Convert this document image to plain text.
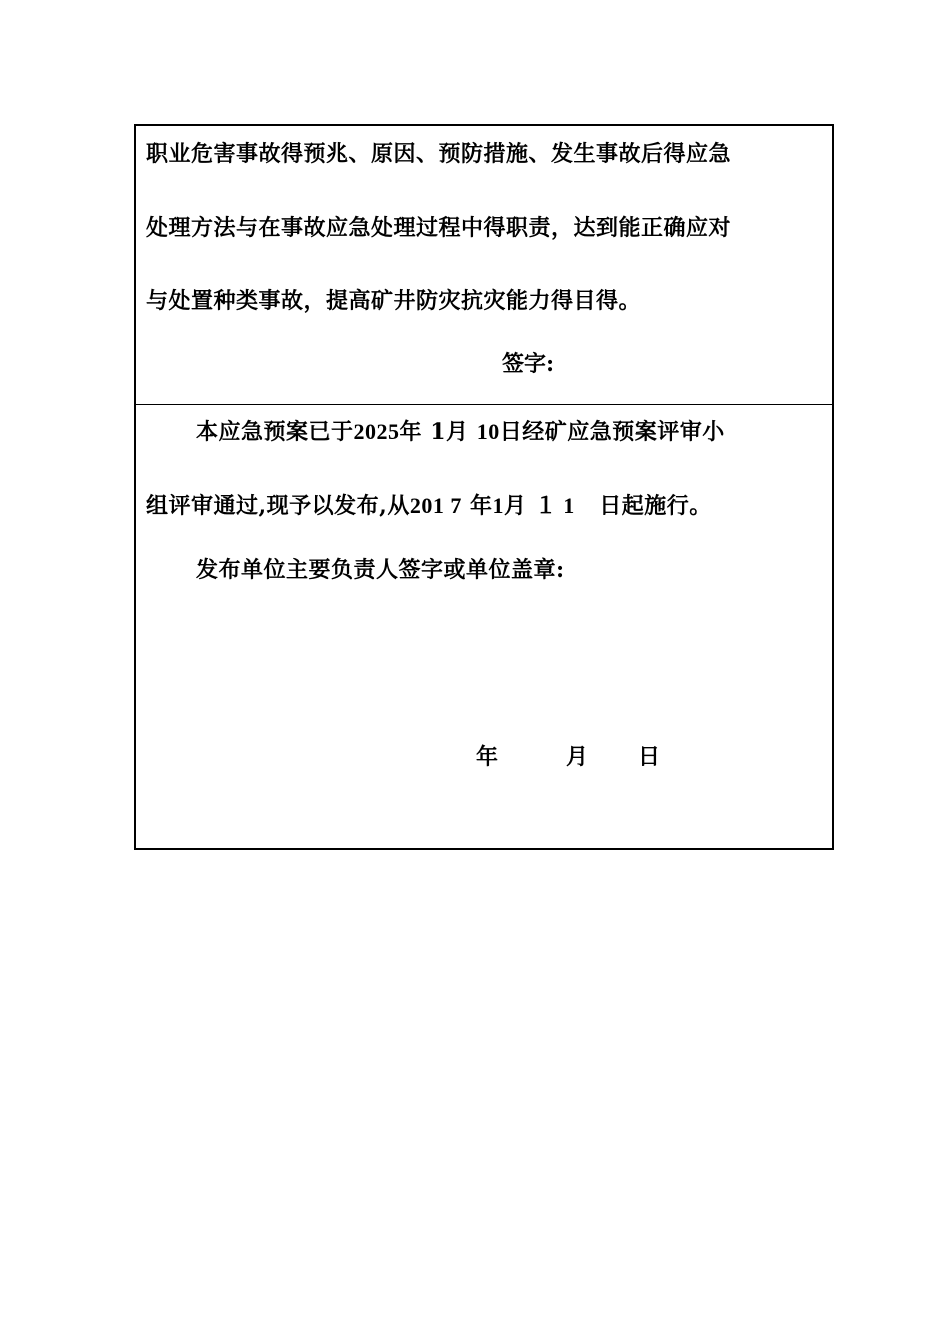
职业危害事故得预兆、原因、预防措施、发生事故后得应急
处理方法与在事故应急处理过程中得职责，达到能正确应对
与处置种类事故，提高矿井防灾抗灾能力得目得。
签字:
本应急预案已于2025年 1月 10日经矿应急预案评审小
组评审通过,现予以发布,从201 7 年1月 １ 1 日起施行。
发布单位主要负责人签字或单位盖章:
年	月 日
